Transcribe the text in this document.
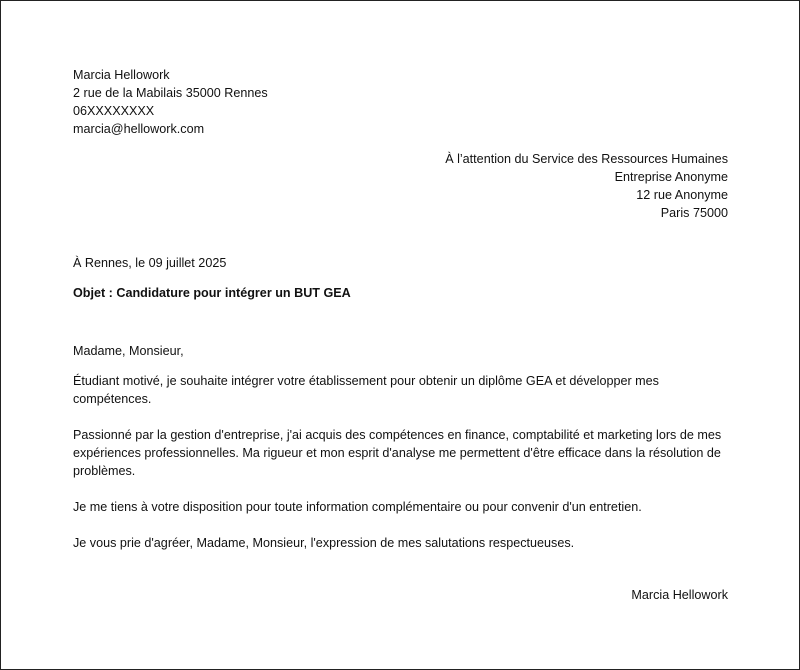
Marcia Hellowork
2 rue de la Mabilais 35000 Rennes
06XXXXXXXX
marcia@hellowork.com
À l’attention du Service des Ressources Humaines
Entreprise Anonyme
12 rue Anonyme
Paris 75000
À Rennes, le 09 juillet 2025
Objet : Candidature pour intégrer un BUT GEA
Madame, Monsieur,
Étudiant motivé, je souhaite intégrer votre établissement pour obtenir un diplôme GEA et développer mes compétences.
Passionné par la gestion d'entreprise, j'ai acquis des compétences en finance, comptabilité et marketing lors de mes expériences professionnelles. Ma rigueur et mon esprit d'analyse me permettent d'être efficace dans la résolution de problèmes.
Je me tiens à votre disposition pour toute information complémentaire ou pour convenir d'un entretien.
Je vous prie d'agréer, Madame, Monsieur, l'expression de mes salutations respectueuses.
Marcia Hellowork
